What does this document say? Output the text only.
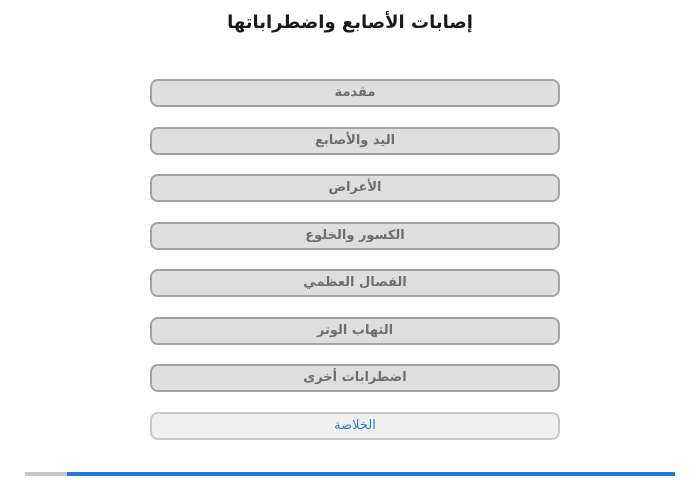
إصابات الأصابع واضطراباتها
مقدمة
اليد والأصابع
الأعراض
الكسور والخلوع
الفصال العظمي
التهاب الوتر
اضطرابات أخرى
الخلاصة
